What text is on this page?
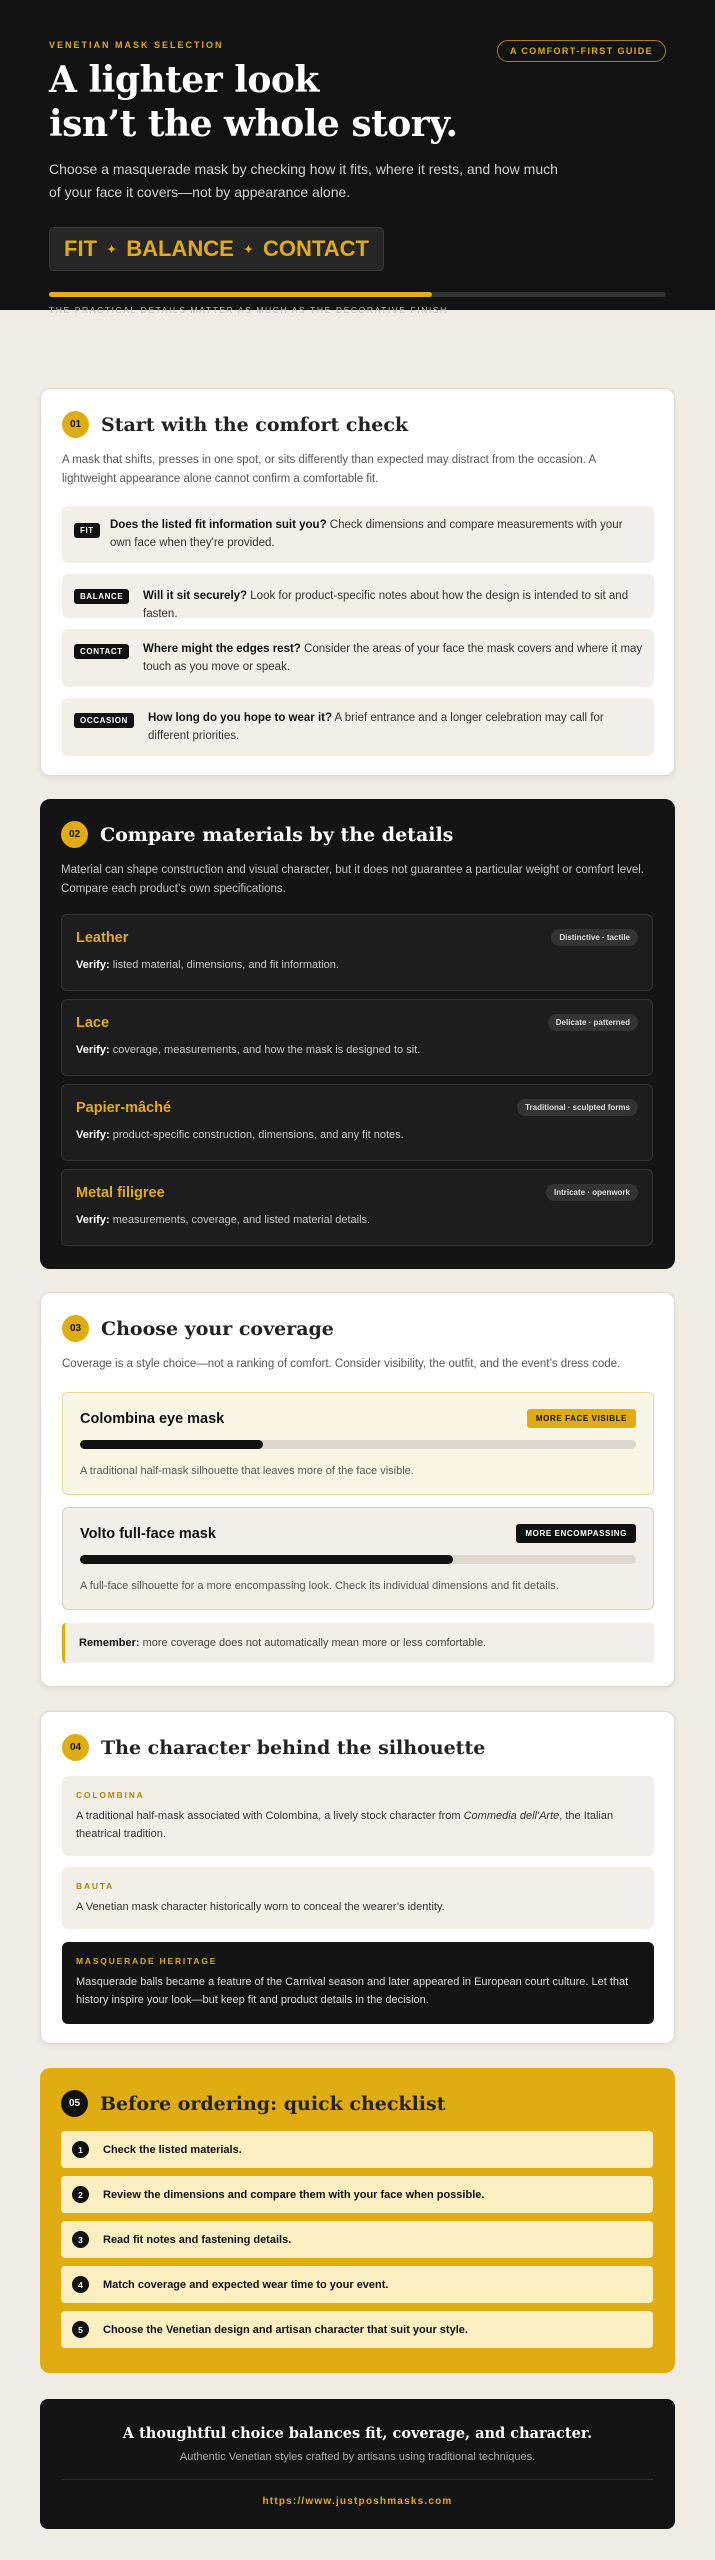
VENETIAN MASK SELECTION
A COMFORT-FIRST GUIDE
A lighter look
isn’t the whole story.

Choose a masquerade mask by checking how it fits, where it rests, and how much of your face it covers—not by appearance alone.

FIT ✦ BALANCE ✦ CONTACT
THE PRACTICAL DETAILS MATTER AS MUCH AS THE DECORATIVE FINISH
01	Start with the comfort check

A mask that shifts, presses in one spot, or sits differently than expected may distract from the occasion. A lightweight appearance alone cannot confirm a comfortable fit.

FIT	Does the listed fit information suit you? Check dimensions and compare measurements with your own face when they're provided.

BALANCE	Will it sit securely? Look for product-specific notes about how the design is intended to sit and fasten.

CONTACT	Where might the edges rest? Consider the areas of your face the mask covers and where it may touch as you move or speak.

OCCASION	How long do you hope to wear it? A brief entrance and a longer celebration may call for different priorities.

02	Compare materials by the details

Material can shape construction and visual character, but it does not guarantee a particular weight or comfort level. Compare each product’s own specifications.

Leather	Distinctive · tactile
Verify: listed material, dimensions, and fit information.
Lace	Delicate · patterned
Verify: coverage, measurements, and how the mask is designed to sit.
Papier-mâché	Traditional · sculpted forms
Verify: product-specific construction, dimensions, and any fit notes.
Metal filigree	Intricate · openwork
Verify: measurements, coverage, and listed material details.
03	Choose your coverage

Coverage is a style choice—not a ranking of comfort. Consider visibility, the outfit, and the event’s dress code.

Colombina eye mask	MORE FACE VISIBLE
A traditional half-mask silhouette that leaves more of the face visible.
Volto full-face mask	MORE ENCOMPASSING
A full-face silhouette for a more encompassing look. Check its individual dimensions and fit details.
Remember: more coverage does not automatically mean more or less comfortable.
04	The character behind the silhouette
COLOMBINA

A traditional half-mask associated with Colombina, a lively stock character from Commedia dell'Arte, the Italian theatrical tradition.

BAUTA

A Venetian mask character historically worn to conceal the wearer’s identity.

MASQUERADE HERITAGE

Masquerade balls became a feature of the Carnival season and later appeared in European court culture. Let that history inspire your look—but keep fit and product details in the decision.

05	Before ordering: quick checklist
1	Check the listed materials.
2	Review the dimensions and compare them with your face when possible.
3	Read fit notes and fastening details.
4	Match coverage and expected wear time to your event.
5	Choose the Venetian design and artisan character that suit your style.
A thoughtful choice balances fit, coverage, and character.
Authentic Venetian styles crafted by artisans using traditional techniques.
https://www.justposhmasks.com
